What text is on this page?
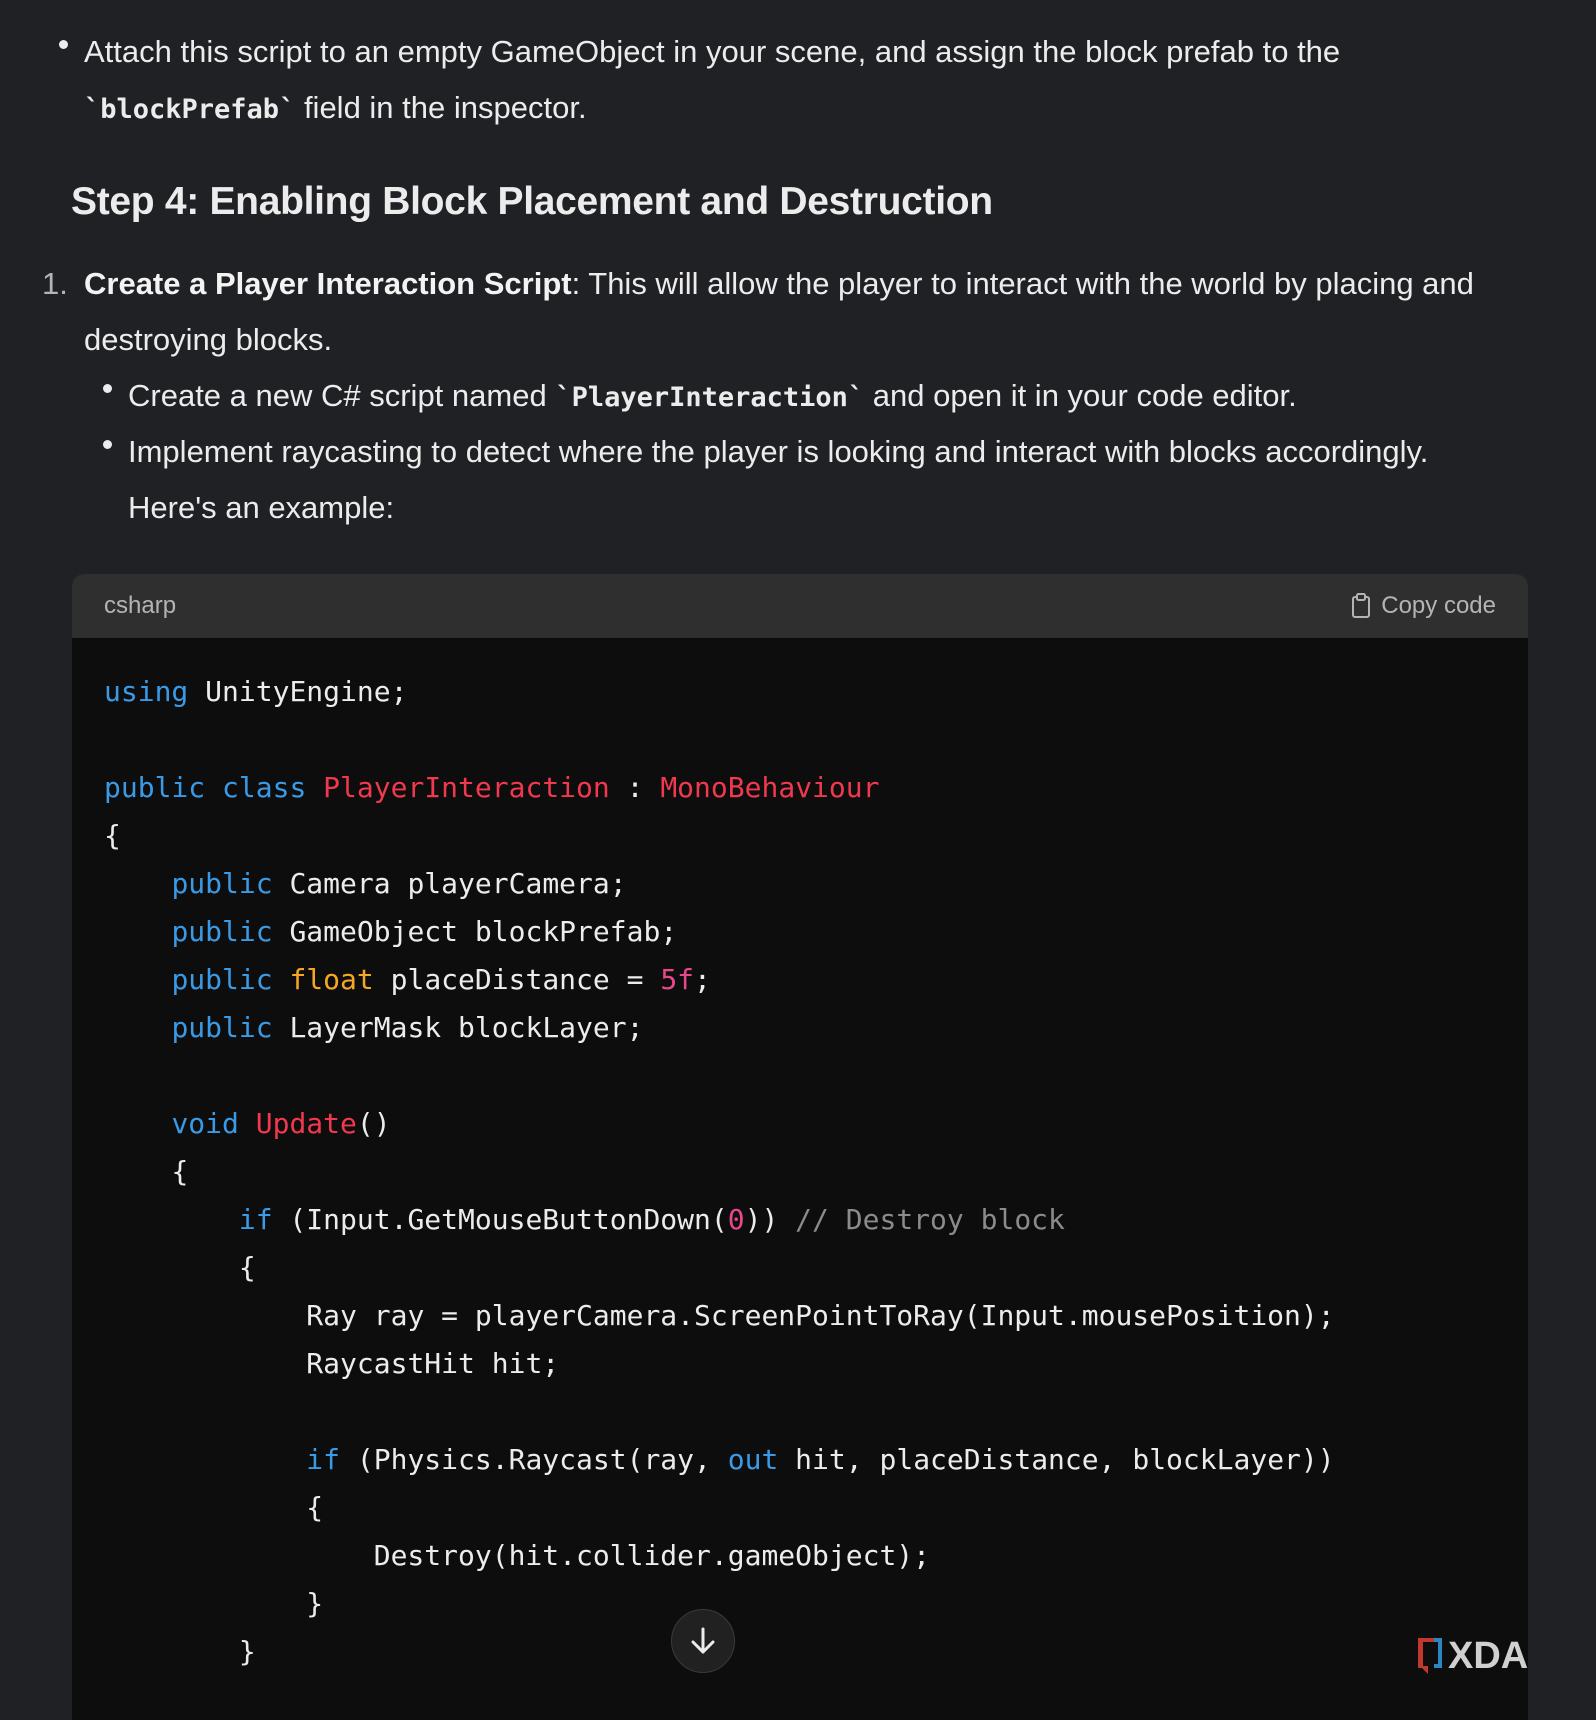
Attach this script to an empty GameObject in your scene, and assign the block prefab to the
`blockPrefab` field in the inspector.
Step 4: Enabling Block Placement and Destruction
1. Create a Player Interaction Script: This will allow the player to interact with the world by placing and
destroying blocks.
Create a new C# script named `PlayerInteraction` and open it in your code editor.
Implement raycasting to detect where the player is looking and interact with blocks accordingly.
Here's an example:
csharp	Copy code
using UnityEngine;

public class PlayerInteraction : MonoBehaviour
{
public Camera playerCamera;
public GameObject blockPrefab;
public float placeDistance = 5f;
public LayerMask blockLayer;

void Update()
{
if (Input.GetMouseButtonDown(0)) // Destroy block
{
Ray ray = playerCamera.ScreenPointToRay(Input.mousePosition);
RaycastHit hit;

if (Physics.Raycast(ray, out hit, placeDistance, blockLayer))
{
Destroy(hit.collider.gameObject);
}
}	XDA
